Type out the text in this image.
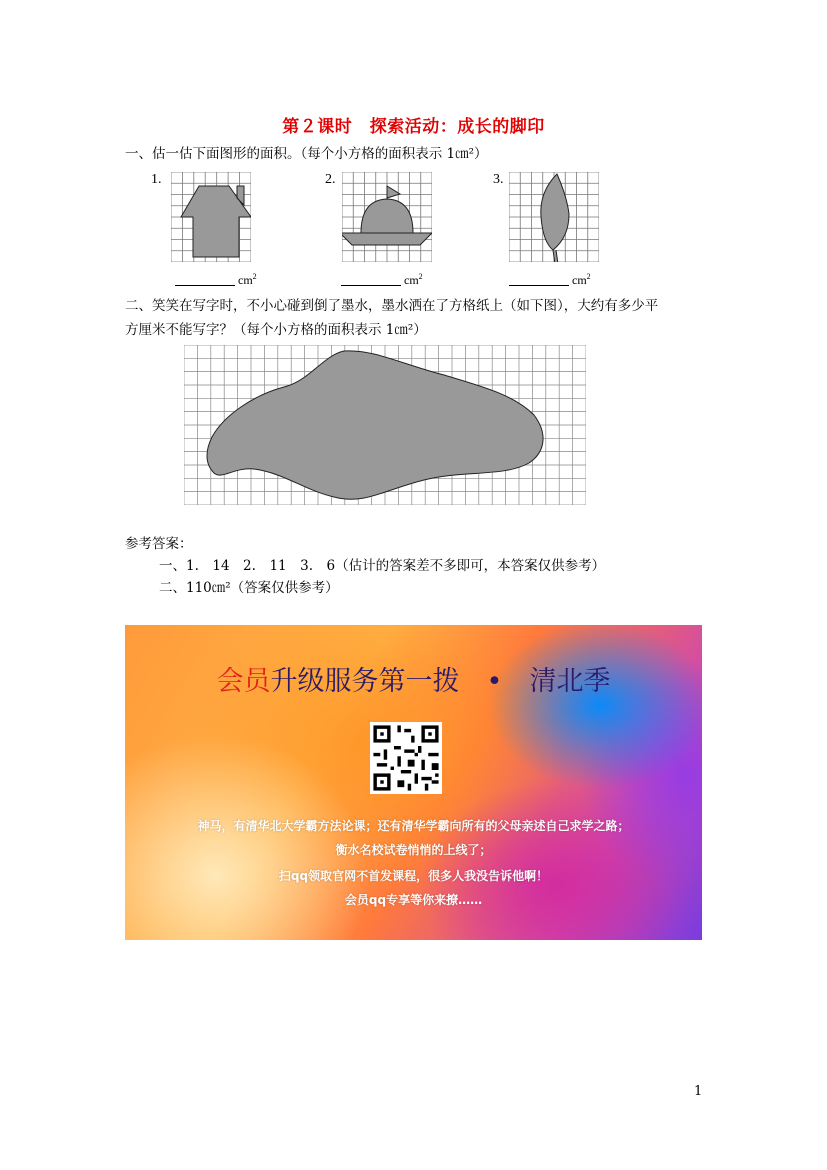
第２课时　探索活动：成长的脚印
一、估一估下面图形的面积。（每个小方格的面积表示 1㎝²）
1.
$cm^2$
2.
$cm^2$
3.
$cm^2$
二、笑笑在写字时，不小心碰到倒了墨水，墨水洒在了方格纸上（如下图），大约有多少平
方厘米不能写字？（每个小方格的面积表示 1㎝²）
参考答案：
一、1.　14　2.　11　3.　6（估计的答案差不多即可，本答案仅供参考）
二、110㎝²（答案仅供参考）
会员升级服务第一拨　•　清北季
神马，有清华北大学霸方法论课；还有清华学霸向所有的父母亲述自己求学之路；
衡水名校试卷悄悄的上线了；
扫qq领取官网不首发课程，很多人我没告诉他啊！
会员qq专享等你来撩……
1
